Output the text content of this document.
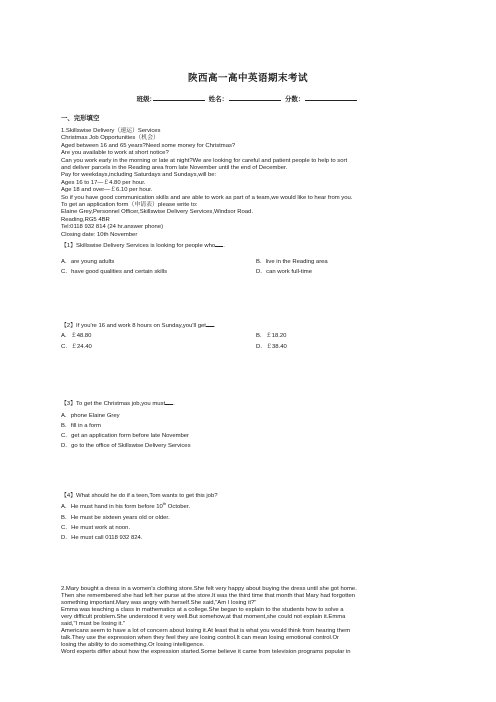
陕西高一高中英语期末考试
班级:	姓名：	分数：
一、完形填空

1.Skillswise Delivery（速运）Services

Christmas Job Opportunities（机会）

Aged between 16 and 65 years?Need some money for Christmas?

Are you available to work at short notice?

Can you work early in the morning or late at night?We are looking for careful and patient people to help to sort

and deliver parcels in the Reading area from late November until the end of December.

Pay for weekdays,including Saturdays and Sundays,will be:

Ages 16 to 17—￡4.80 per hour.

Age 18 and over—￡6.10 per hour.

So if you have good communication skills and are able to work as part of a team,we would like to hear from you.

To get an application form（申请表）please write to:

Elaine Grey,Personnel Officer,Skillswise Delivery Services,Windsor Road.

Reading,RG5 4BR

Tel:0118 932 814 (24 hr.answer phone)

Closing date: 10th November

【1】Skillswise Delivery Services is looking for people who .
A．are young adults	B．live in the Reading area
C．have good qualities and certain skills	D．can work full-time
【2】If you're 16 and work 8 hours on Sunday,you'll get .
A．￡48.80	B．￡18.20
C．￡24.40	D．￡38.40
【3】To get the Christmas job,you must .
A．phone Elaine Grey
B．fill in a form
C．get an application form before late November
D．go to the office of Skillswise Delivery Services
【4】What should he do if a teen,Tom wants to get this job?
A．He must hand in his form before 10th October.
B．He must be sixteen years old or older.
C．He must work at noon.
D．He must call 0118 932 824.

2.Mary bought a dress in a women's clothing store.She felt very happy about buying the dress until she got home.

Then she remembered she had left her purse at the store.It was the third time that month that Mary had forgotten

something important.Mary was angry with herself.She said,"Am I losing it?"

Emma was teaching a class in mathematics at a college.She began to explain to the students how to solve a

very difficult problem.She understood it very well.But somehow,at that moment,she could not explain it.Emma

said,"I must be losing it."

Americans seem to have a lot of concern about losing it.At least that is what you would think from hearing them

talk.They use the expression when they feel they are losing control.It can mean losing emotional control.Or

losing the ability to do something.Or losing intelligence.

Word experts differ about how the expression started.Some believe it came from television programs popular in
